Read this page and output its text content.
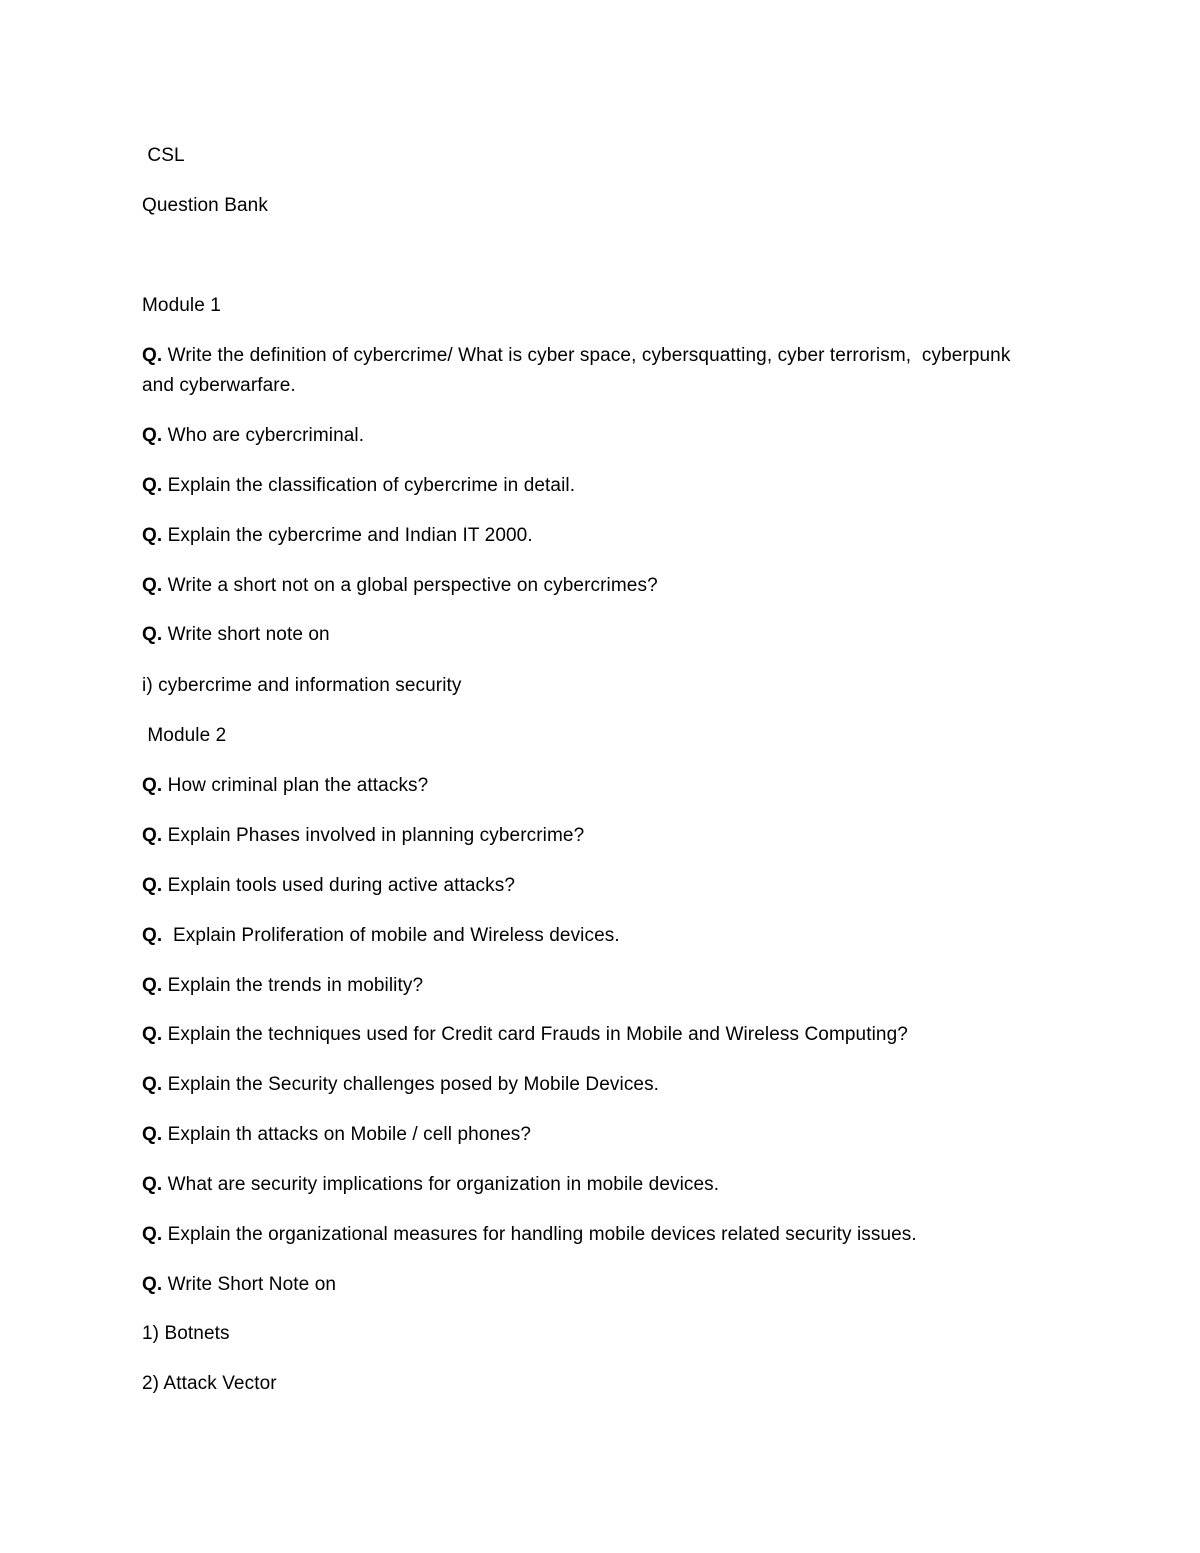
CSL
Question Bank
Module 1
Q. Write the definition of cybercrime/ What is cyber space, cybersquatting, cyber terrorism,  cyberpunk
and cyberwarfare.
Q. Who are cybercriminal.
Q. Explain the classification of cybercrime in detail.
Q. Explain the cybercrime and Indian IT 2000.
Q. Write a short not on a global perspective on cybercrimes?
Q. Write short note on
i) cybercrime and information security
Module 2
Q. How criminal plan the attacks?
Q. Explain Phases involved in planning cybercrime?
Q. Explain tools used during active attacks?
Q.  Explain Proliferation of mobile and Wireless devices.
Q. Explain the trends in mobility?
Q. Explain the techniques used for Credit card Frauds in Mobile and Wireless Computing?
Q. Explain the Security challenges posed by Mobile Devices.
Q. Explain th attacks on Mobile / cell phones?
Q. What are security implications for organization in mobile devices.
Q. Explain the organizational measures for handling mobile devices related security issues.
Q. Write Short Note on
1) Botnets
2) Attack Vector
